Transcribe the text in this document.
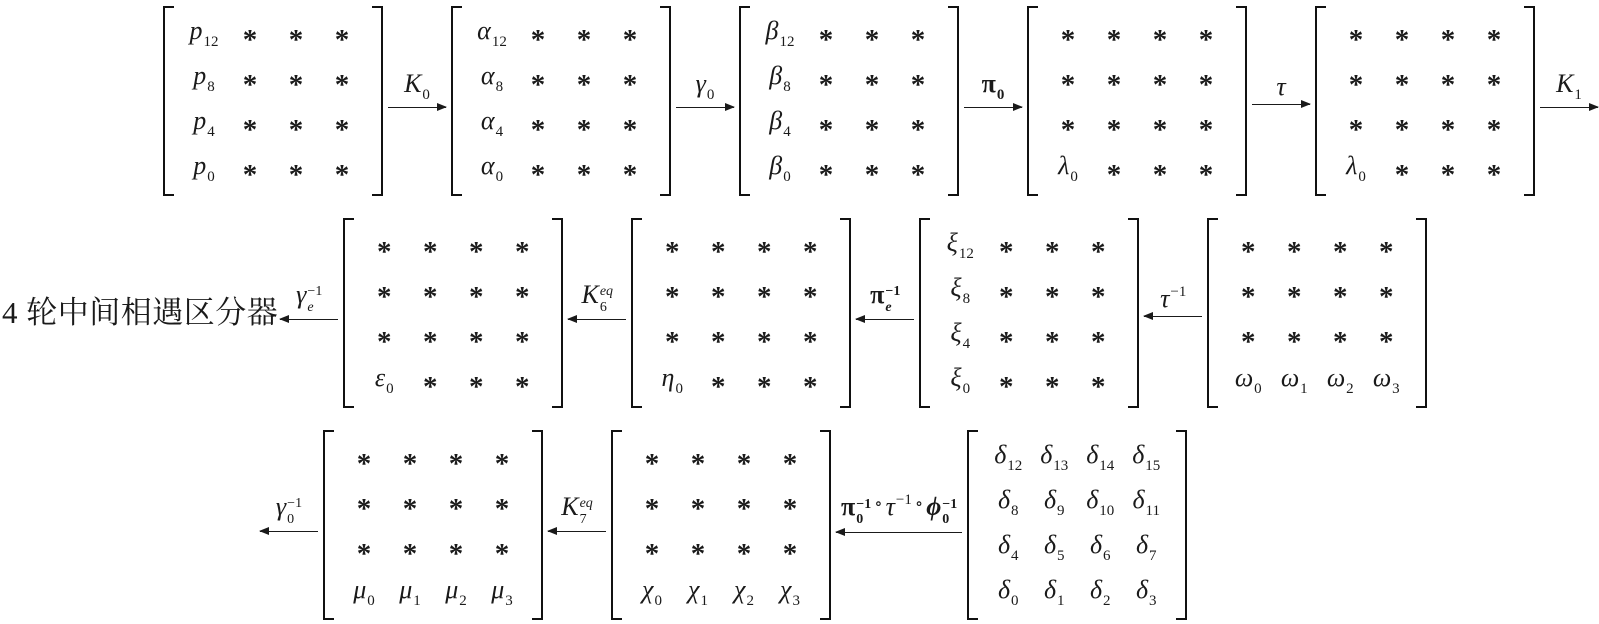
$p_{12}$ * * *
$p_8$ * * *
$p_4$ * * *
$p_0$ * * *
$K_0$
$\alpha_{12}$ * * *
$\alpha_8$ * * *
$\alpha_4$ * * *
$\alpha_0$ * * *
$\gamma_0$
$\beta_{12}$ * * *
$\beta_8$ * * *
$\beta_4$ * * *
$\beta_0$ * * *
$\pi_0$
* * * *
* * * *
* * * *
$\lambda_0$ * * *
τ
* * * *
* * * *
* * * *
$\lambda_0$ * * *
$K_1$
4 轮中间相遇区分器
γ −1
e
* * * *
* * * *
* * * *
$\varepsilon_0$ * * *
K eq
6
* * * *
* * * *
* * * *
$\eta_0$ * * *
π −1
e
$\xi_{12}$ * * *
$\xi_8$ * * *
$\xi_4$ * * *
$\xi_0$ * * *
$\tau^{-1}$
* * * *
* * * *
* * * *
$\omega_0$ $\omega_1$ $\omega_2$ $\omega_3$
γ −1
0
* * * *
* * * *
* * * *
$\mu_0$ $\mu_1$ $\mu_2$ $\mu_3$
K eq
7
* * * *
* * * *
* * * *
$\chi_0$ $\chi_1$ $\chi_2$ $\chi_3$
π −1
0
∘ $\tau^{-1}$ ∘ ϕ −1
0
$\delta_{12}$ $\delta_{13}$ $\delta_{14}$ $\delta_{15}$
$\delta_8$ $\delta_9$ $\delta_{10}$ $\delta_{11}$
$\delta_4$ $\delta_5$ $\delta_6$ $\delta_7$
$\delta_0$ $\delta_1$ $\delta_2$ $\delta_3$
